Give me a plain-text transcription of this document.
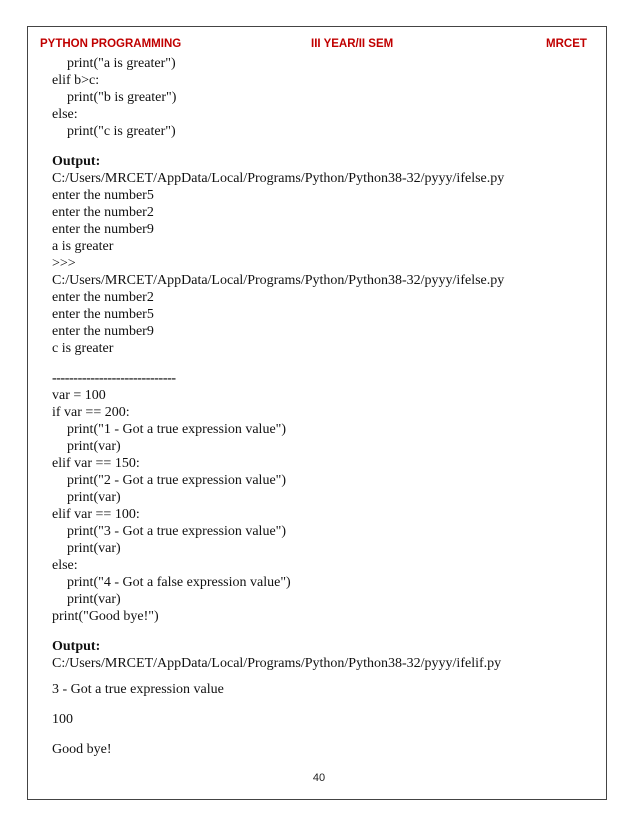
PYTHON PROGRAMMING	III YEAR/II SEM	MRCET
print("a is greater")
elif b>c:
print("b is greater")
else:
print("c is greater")
Output:
C:/Users/MRCET/AppData/Local/Programs/Python/Python38-32/pyyy/ifelse.py
enter the number5
enter the number2
enter the number9
a is greater
>>>
C:/Users/MRCET/AppData/Local/Programs/Python/Python38-32/pyyy/ifelse.py
enter the number2
enter the number5
enter the number9
c is greater
-----------------------------
var = 100
if var == 200:
print("1 - Got a true expression value")
print(var)
elif var == 150:
print("2 - Got a true expression value")
print(var)
elif var == 100:
print("3 - Got a true expression value")
print(var)
else:
print("4 - Got a false expression value")
print(var)
print("Good bye!")
Output:
C:/Users/MRCET/AppData/Local/Programs/Python/Python38-32/pyyy/ifelif.py
3 - Got a true expression value
100
Good bye!
40
